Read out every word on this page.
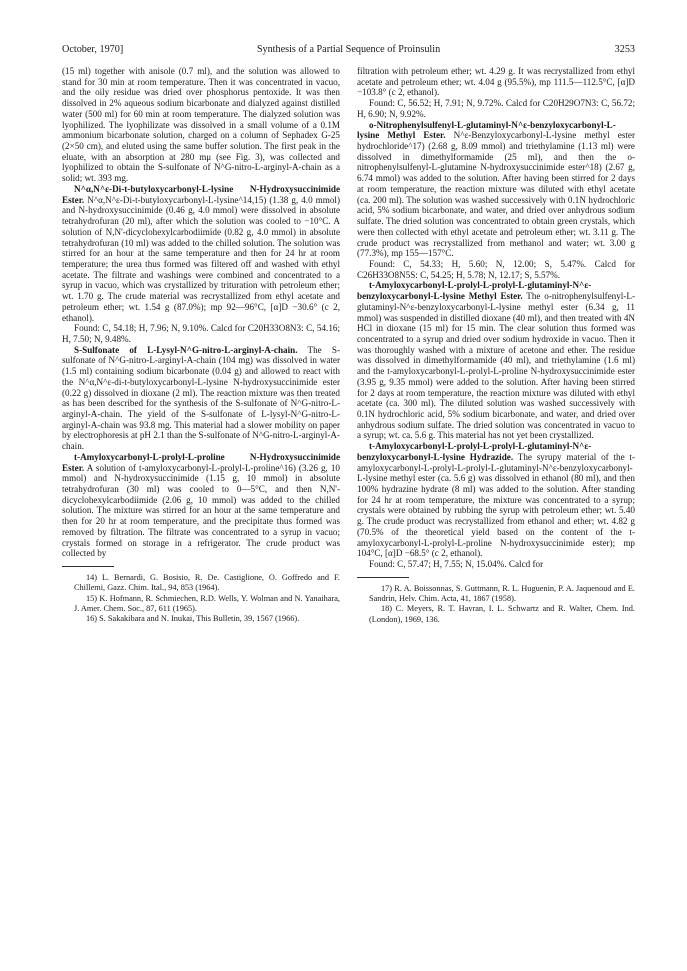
October, 1970]	Synthesis of a Partial Sequence of Proinsulin	3253

(15 ml) together with anisole (0.7 ml), and the solution was allowed to stand for 30 min at room temperature. Then it was concentrated in vacuo, and the oily residue was dried over phosphorus pentoxide. It was then dissolved in 2% aqueous sodium bicarbonate and dialyzed against distilled water (500 ml) for 60 min at room temperature. The dialyzed solution was lyophilized. The lyophilizate was dissolved in a small volume of a 0.1M ammonium bicarbonate solution, charged on a column of Sephadex G-25 (2×50 cm), and eluted using the same buffer solution. The first peak in the eluate, with an absorption at 280 mμ (see Fig. 3), was collected and lyophilized to obtain the S-sulfonate of N^G-nitro-L-arginyl-A-chain as a solid; wt. 393 mg.

N^α,N^ε-Di-t-butyloxycarbonyl-L-lysine N-Hydroxysuccinimide Ester. N^α,N^ε-Di-t-butyloxycarbonyl-L-lysine^14,15) (1.38 g, 4.0 mmol) and N-hydroxysuccinimide (0.46 g, 4.0 mmol) were dissolved in absolute tetrahydrofuran (20 ml), after which the solution was cooled to −10°C. A solution of N,N'-dicyclohexylcarbodiimide (0.82 g, 4.0 mmol) in absolute tetrahydrofuran (10 ml) was added to the chilled solution. The solution was stirred for an hour at the same temperature and then for 24 hr at room temperature; the urea thus formed was filtered off and washed with ethyl acetate. The filtrate and washings were combined and concentrated to a syrup in vacuo, which was crystallized by trituration with petroleum ether; wt. 1.70 g. The crude material was recrystallized from ethyl acetate and petroleum ether; wt. 1.54 g (87.0%); mp 92—96°C, [α]D −30.6° (c 2, ethanol).

Found: C, 54.18; H, 7.96; N, 9.10%. Calcd for C20H33O8N3: C, 54.16; H, 7.50; N, 9.48%.

S-Sulfonate of L-Lysyl-N^G-nitro-L-arginyl-A-chain. The S-sulfonate of N^G-nitro-L-arginyl-A-chain (104 mg) was dissolved in water (1.5 ml) containing sodium bicarbonate (0.04 g) and allowed to react with the N^α,N^ε-di-t-butyloxycarbonyl-L-lysine N-hydroxysuccinimide ester (0.22 g) dissolved in dioxane (2 ml). The reaction mixture was then treated as has been described for the synthesis of the S-sulfonate of N^G-nitro-L-arginyl-A-chain. The yield of the S-sulfonate of L-lysyl-N^G-nitro-L-arginyl-A-chain was 93.8 mg. This material had a slower mobility on paper by electrophoresis at pH 2.1 than the S-sulfonate of N^G-nitro-L-arginyl-A-chain.

t-Amyloxycarbonyl-L-prolyl-L-proline N-Hydroxysuccinimide Ester. A solution of t-amyloxycarbonyl-L-prolyl-L-proline^16) (3.26 g, 10 mmol) and N-hydroxysuccinimide (1.15 g, 10 mmol) in absolute tetrahydrofuran (30 ml) was cooled to 0—5°C, and then N,N'-dicyclohexylcarbodiimide (2.06 g, 10 mmol) was added to the chilled solution. The mixture was stirred for an hour at the same temperature and then for 20 hr at room temperature, and the precipitate thus formed was removed by filtration. The filtrate was concentrated to a syrup in vacuo; crystals formed on storage in a refrigerator. The crude product was collected by

14) L. Bernardi, G. Bosisio, R. De. Castiglione, O. Goffredo and F. Chillemi, Gazz. Chim. Ital., 94, 853 (1964).

15) K. Hofmann, R. Schmiechen, R.D. Wells, Y. Wolman and N. Yanaihara, J. Amer. Chem. Soc., 87, 611 (1965).

16) S. Sakakibara and N. Inukai, This Bulletin, 39, 1567 (1966).

filtration with petroleum ether; wt. 4.29 g. It was recrystallized from ethyl acetate and petroleum ether; wt. 4.04 g (95.5%), mp 111.5—112.5°C, [α]D −103.8° (c 2, ethanol).

Found: C, 56.52; H, 7.91; N, 9.72%. Calcd for C20H29O7N3: C, 56.72; H, 6.90; N, 9.92%.

o-Nitrophenylsulfenyl-L-glutaminyl-N^ε-benzyloxycarbonyl-L-lysine Methyl Ester. N^ε-Benzyloxycarbonyl-L-lysine methyl ester hydrochloride^17) (2.68 g, 8.09 mmol) and triethylamine (1.13 ml) were dissolved in dimethylformamide (25 ml), and then the o-nitrophenylsulfenyl-L-glutamine N-hydroxysuccinimide ester^18) (2.67 g, 6.74 mmol) was added to the solution. After having been stirred for 2 days at room temperature, the reaction mixture was diluted with ethyl acetate (ca. 200 ml). The solution was washed successively with 0.1N hydrochloric acid, 5% sodium bicarbonate, and water, and dried over anhydrous sodium sulfate. The dried solution was concentrated to obtain green crystals, which were then collected with ethyl acetate and petroleum ether; wt. 3.11 g. The crude product was recrystallized from methanol and water; wt. 3.00 g (77.3%), mp 155—157°C.

Found: C, 54.33; H, 5.60; N, 12.00; S, 5.47%. Calcd for C26H33O8N5S: C, 54.25; H, 5.78; N, 12.17; S, 5.57%.

t-Amyloxycarbonyl-L-prolyl-L-prolyl-L-glutaminyl-N^ε-benzyloxycarbonyl-L-lysine Methyl Ester. The o-nitrophenylsulfenyl-L-glutaminyl-N^ε-benzyloxycarbonyl-L-lysine methyl ester (6.34 g, 11 mmol) was suspended in distilled dioxane (40 ml), and then treated with 4N HCl in dioxane (15 ml) for 15 min. The clear solution thus formed was concentrated to a syrup and dried over sodium hydroxide in vacuo. Then it was thoroughly washed with a mixture of acetone and ether. The residue was dissolved in dimethylformamide (40 ml), and triethylamine (1.6 ml) and the t-amyloxycarbonyl-L-prolyl-L-proline N-hydroxysuccinimide ester (3.95 g, 9.35 mmol) were added to the solution. After having been stirred for 2 days at room temperature, the reaction mixture was diluted with ethyl acetate (ca. 300 ml). The diluted solution was washed successively with 0.1N hydrochloric acid, 5% sodium bicarbonate, and water, and dried over anhydrous sodium sulfate. The dried solution was concentrated in vacuo to a syrup; wt. ca. 5.6 g. This material has not yet been crystallized.

t-Amyloxycarbonyl-L-prolyl-L-prolyl-L-glutaminyl-N^ε-benzyloxycarbonyl-L-lysine Hydrazide. The syrupy material of the t-amyloxycarbonyl-L-prolyl-L-prolyl-L-glutaminyl-N^ε-benzyloxycarbonyl-L-lysine methyl ester (ca. 5.6 g) was dissolved in ethanol (80 ml), and then 100% hydrazine hydrate (8 ml) was added to the solution. After standing for 24 hr at room temperature, the mixture was concentrated to a syrup; crystals were obtained by rubbing the syrup with petroleum ether; wt. 5.40 g. The crude product was recrystallized from ethanol and ether; wt. 4.82 g (70.5% of the theoretical yield based on the content of the t-amyloxycarbonyl-L-prolyl-L-proline N-hydroxysuccinimide ester); mp 104°C, [α]D −68.5° (c 2, ethanol).

Found: C, 57.47; H, 7.55; N, 15.04%. Calcd for

17) R. A. Boissonnas, S. Guttmann, R. L. Huguenin, P. A. Jaquenoud and E. Sandrin, Helv. Chim. Acta, 41, 1867 (1958).

18) C. Meyers, R. T. Havran, I. L. Schwartz and R. Walter, Chem. Ind. (London), 1969, 136.
